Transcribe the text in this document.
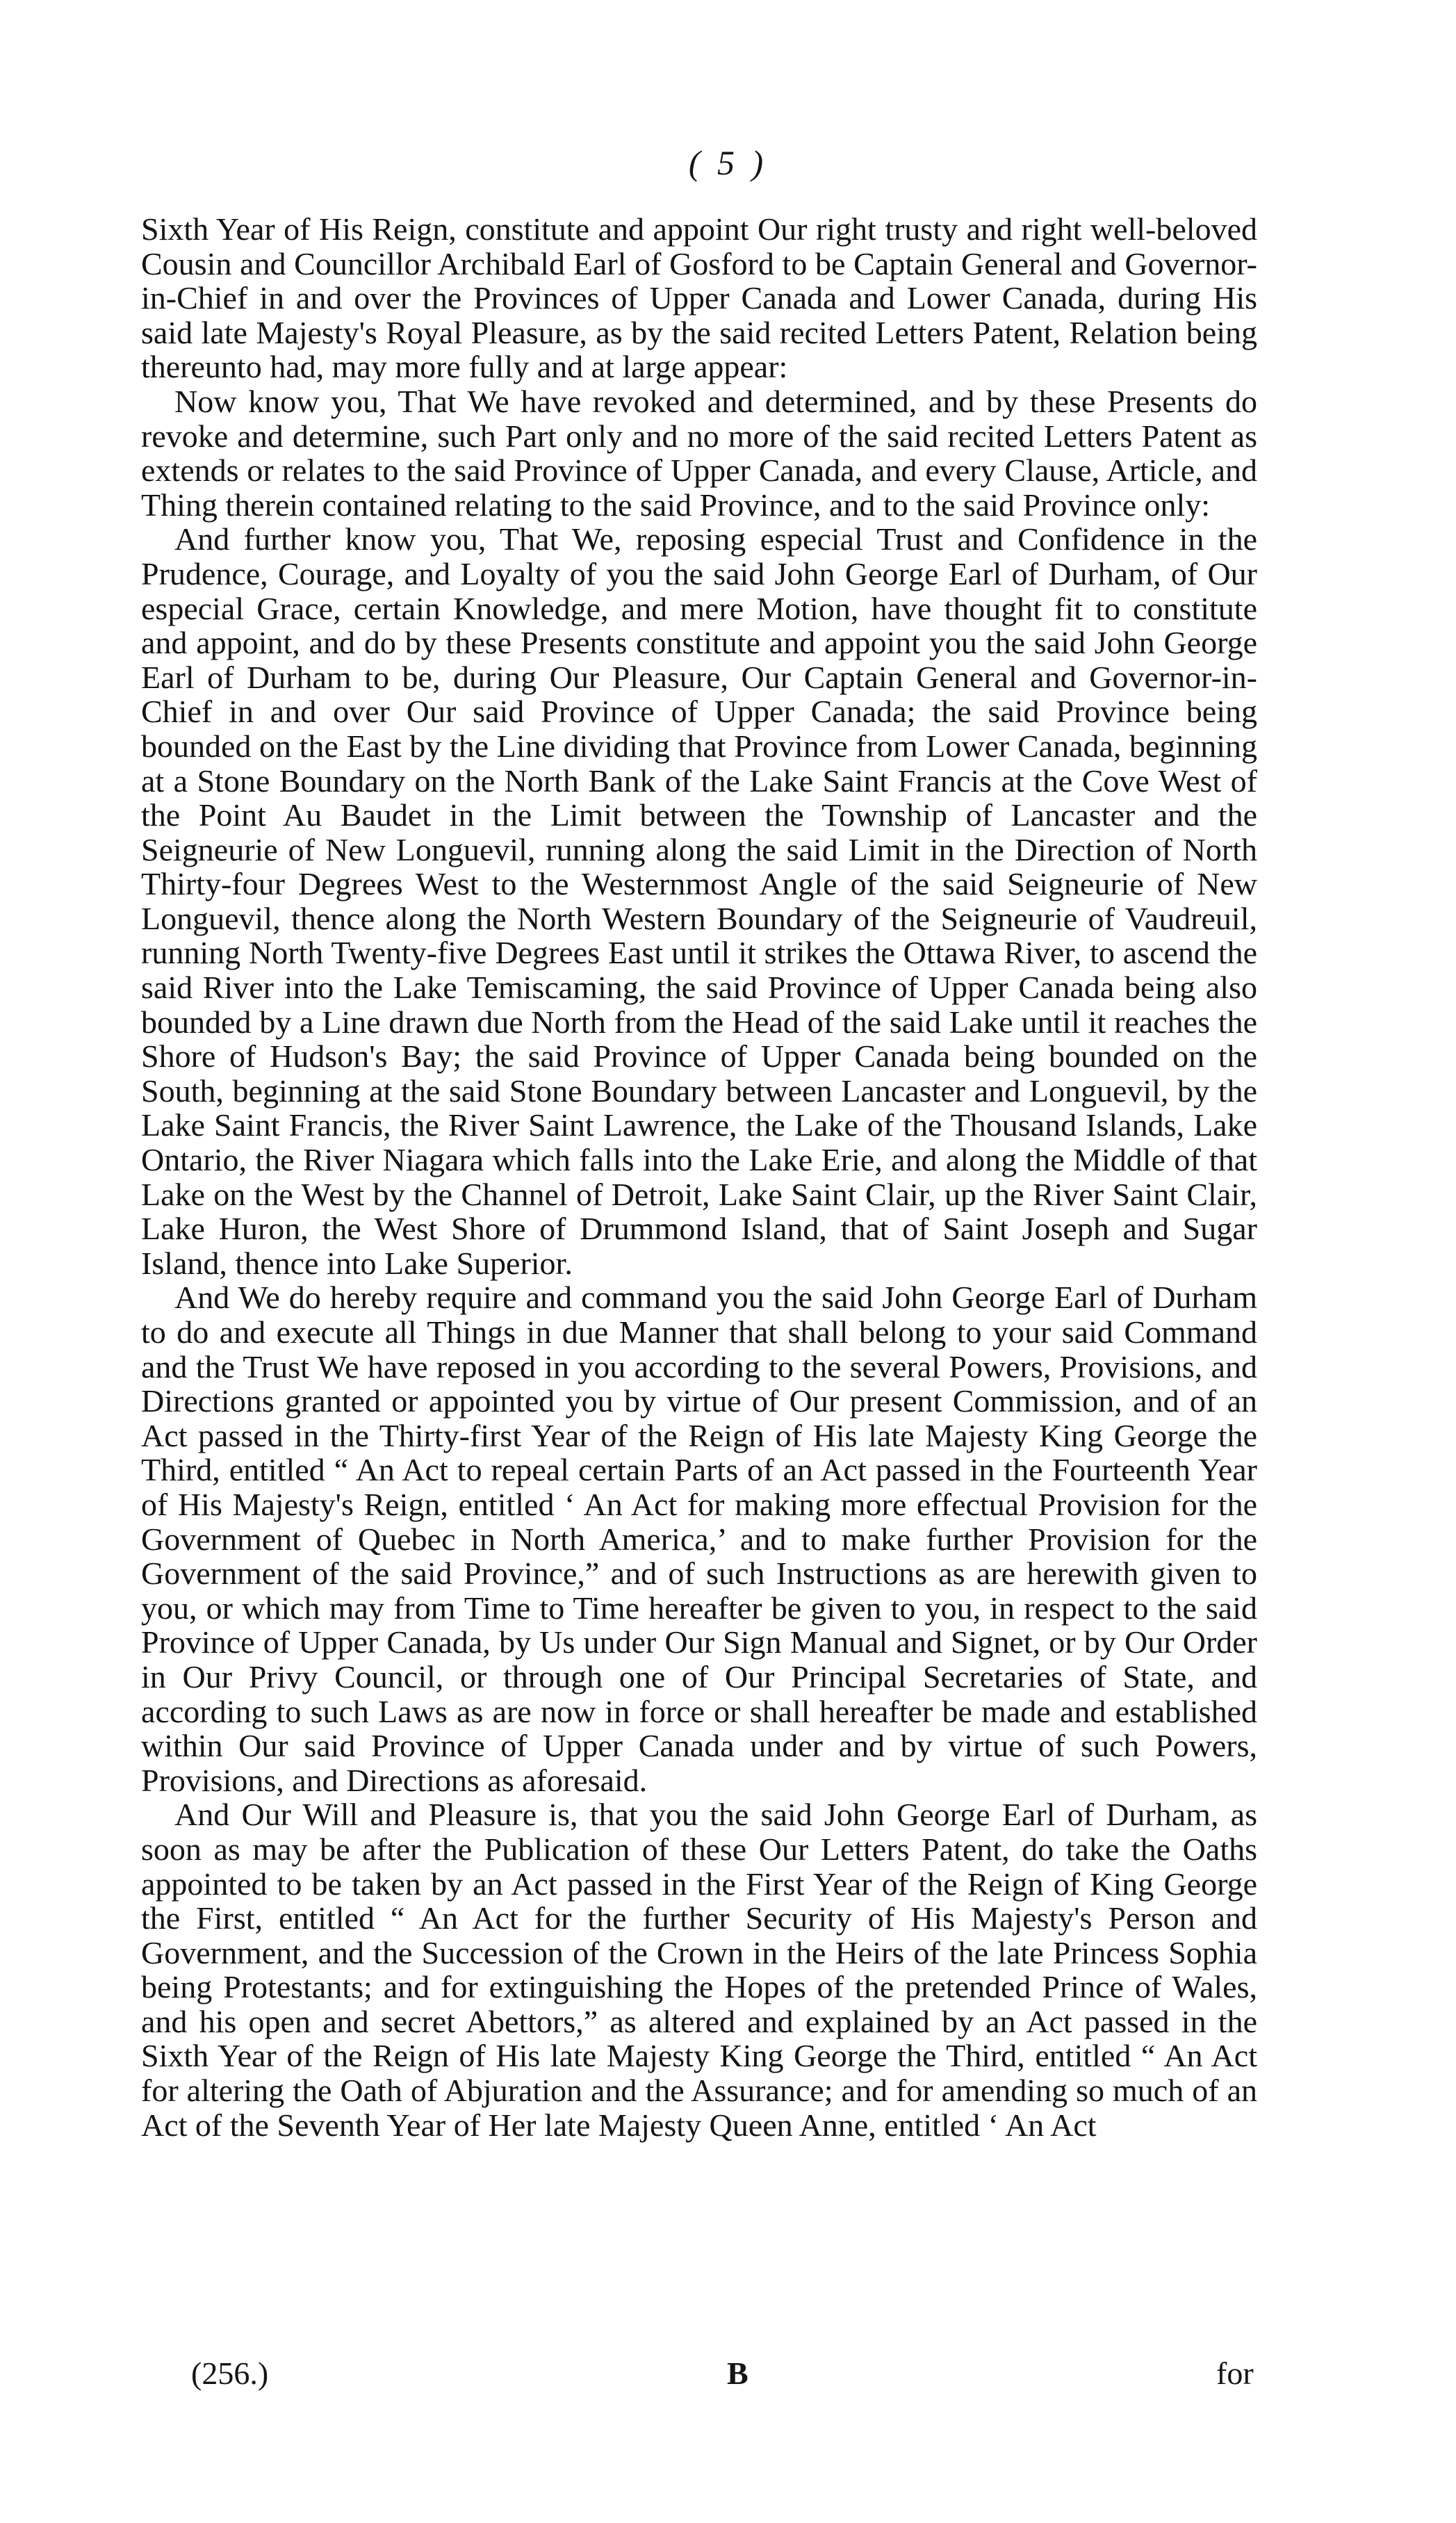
( 5 )

Sixth Year of His Reign, constitute and appoint Our right trusty and right well-beloved Cousin and Councillor Archibald Earl of Gosford to be Captain General and Governor-in-Chief in and over the Provinces of Upper Canada and Lower Canada, during His said late Majesty's Royal Pleasure, as by the said recited Letters Patent, Relation being thereunto had, may more fully and at large appear:

Now know you, That We have revoked and determined, and by these Presents do revoke and determine, such Part only and no more of the said recited Letters Patent as extends or relates to the said Province of Upper Canada, and every Clause, Article, and Thing therein contained relating to the said Province, and to the said Province only:

And further know you, That We, reposing especial Trust and Confidence in the Prudence, Courage, and Loyalty of you the said John George Earl of Durham, of Our especial Grace, certain Knowledge, and mere Motion, have thought fit to constitute and appoint, and do by these Presents constitute and appoint you the said John George Earl of Durham to be, during Our Pleasure, Our Captain General and Governor-in-Chief in and over Our said Province of Upper Canada; the said Province being bounded on the East by the Line dividing that Province from Lower Canada, beginning at a Stone Boundary on the North Bank of the Lake Saint Francis at the Cove West of the Point Au Baudet in the Limit between the Township of Lancaster and the Seigneurie of New Longuevil, running along the said Limit in the Direction of North Thirty-four Degrees West to the Westernmost Angle of the said Seigneurie of New Longuevil, thence along the North Western Boundary of the Seigneurie of Vaudreuil, running North Twenty-five Degrees East until it strikes the Ottawa River, to ascend the said River into the Lake Temiscaming, the said Province of Upper Canada being also bounded by a Line drawn due North from the Head of the said Lake until it reaches the Shore of Hudson's Bay; the said Province of Upper Canada being bounded on the South, beginning at the said Stone Boundary between Lancaster and Longuevil, by the Lake Saint Francis, the River Saint Lawrence, the Lake of the Thousand Islands, Lake Ontario, the River Niagara which falls into the Lake Erie, and along the Middle of that Lake on the West by the Channel of Detroit, Lake Saint Clair, up the River Saint Clair, Lake Huron, the West Shore of Drummond Island, that of Saint Joseph and Sugar Island, thence into Lake Superior.

And We do hereby require and command you the said John George Earl of Durham to do and execute all Things in due Manner that shall belong to your said Command and the Trust We have reposed in you according to the several Powers, Provisions, and Directions granted or appointed you by virtue of Our present Commission, and of an Act passed in the Thirty-first Year of the Reign of His late Majesty King George the Third, entitled “ An Act to repeal certain Parts of an Act passed in the Fourteenth Year of His Majesty's Reign, entitled ‘ An Act for making more effectual Provision for the Government of Quebec in North America,’ and to make further Provision for the Government of the said Province,” and of such Instructions as are herewith given to you, or which may from Time to Time hereafter be given to you, in respect to the said Province of Upper Canada, by Us under Our Sign Manual and Signet, or by Our Order in Our Privy Council, or through one of Our Principal Secretaries of State, and according to such Laws as are now in force or shall hereafter be made and established within Our said Province of Upper Canada under and by virtue of such Powers, Provisions, and Directions as aforesaid.

And Our Will and Pleasure is, that you the said John George Earl of Durham, as soon as may be after the Publication of these Our Letters Patent, do take the Oaths appointed to be taken by an Act passed in the First Year of the Reign of King George the First, entitled “ An Act for the further Security of His Majesty's Person and Government, and the Succession of the Crown in the Heirs of the late Princess Sophia being Protestants; and for extinguishing the Hopes of the pretended Prince of Wales, and his open and secret Abettors,” as altered and explained by an Act passed in the Sixth Year of the Reign of His late Majesty King George the Third, entitled “ An Act for altering the Oath of Abjuration and the Assurance; and for amending so much of an Act of the Seventh Year of Her late Majesty Queen Anne, entitled ‘ An Act

(256.)	B	for
